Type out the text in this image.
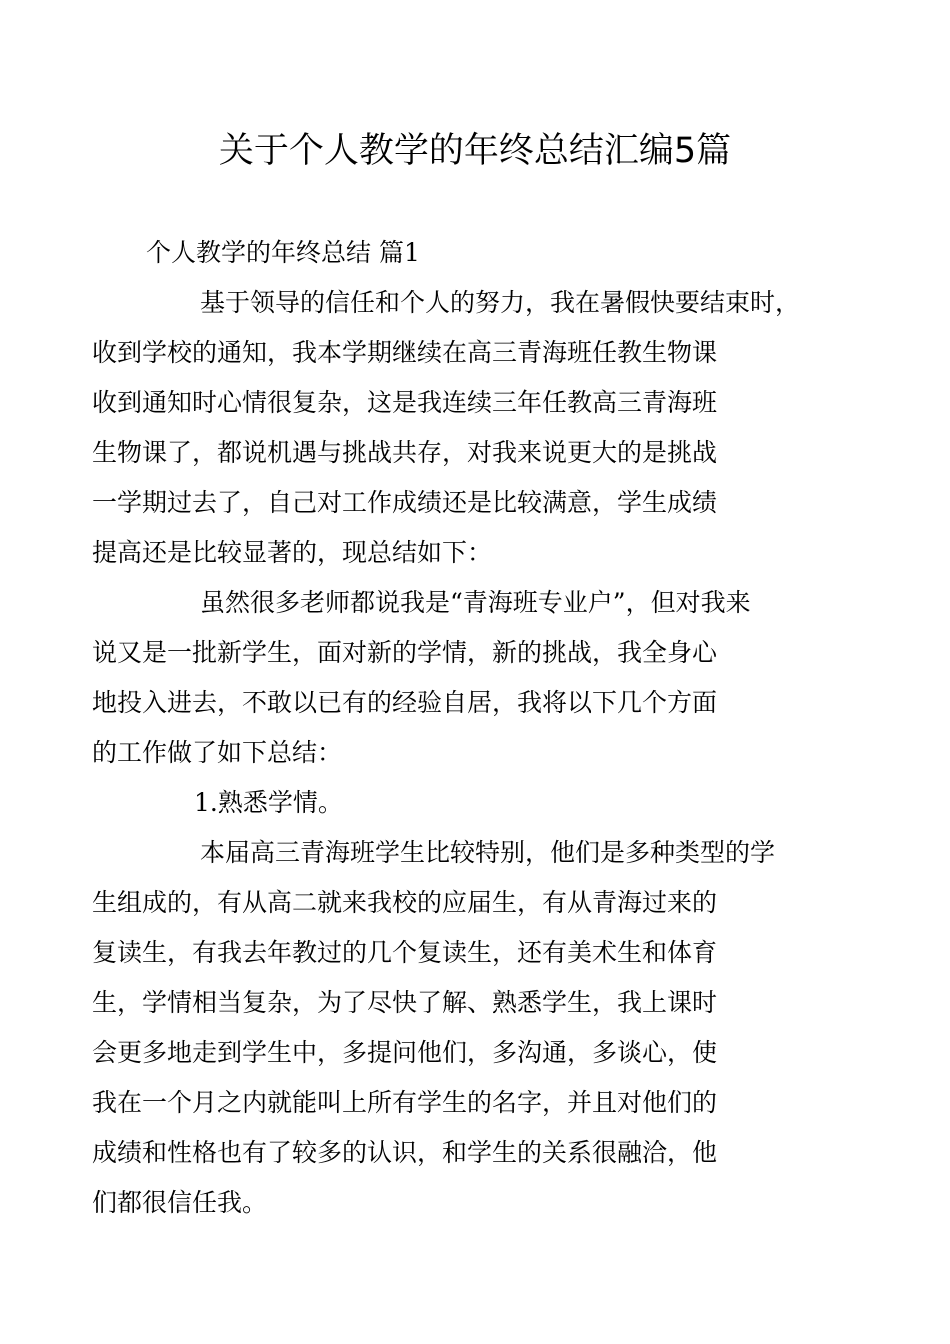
关于个人教学的年终总结汇编5篇

个人教学的年终总结 篇1

基于领导的信任和个人的努力，我在暑假快要结束时，
收到学校的通知，我本学期继续在高三青海班任教生物课
收到通知时心情很复杂，这是我连续三年任教高三青海班
生物课了，都说机遇与挑战共存，对我来说更大的是挑战
一学期过去了，自己对工作成绩还是比较满意，学生成绩
提高还是比较显著的，现总结如下：

虽然很多老师都说我是“青海班专业户”，但对我来
说又是一批新学生，面对新的学情，新的挑战，我全身心
地投入进去，不敢以已有的经验自居，我将以下几个方面
的工作做了如下总结：

1.熟悉学情。

本届高三青海班学生比较特别，他们是多种类型的学
生组成的，有从高二就来我校的应届生，有从青海过来的
复读生，有我去年教过的几个复读生，还有美术生和体育
生，学情相当复杂，为了尽快了解、熟悉学生，我上课时
会更多地走到学生中，多提问他们，多沟通，多谈心，使
我在一个月之内就能叫上所有学生的名字，并且对他们的
成绩和性格也有了较多的认识，和学生的关系很融洽，他
们都很信任我。
